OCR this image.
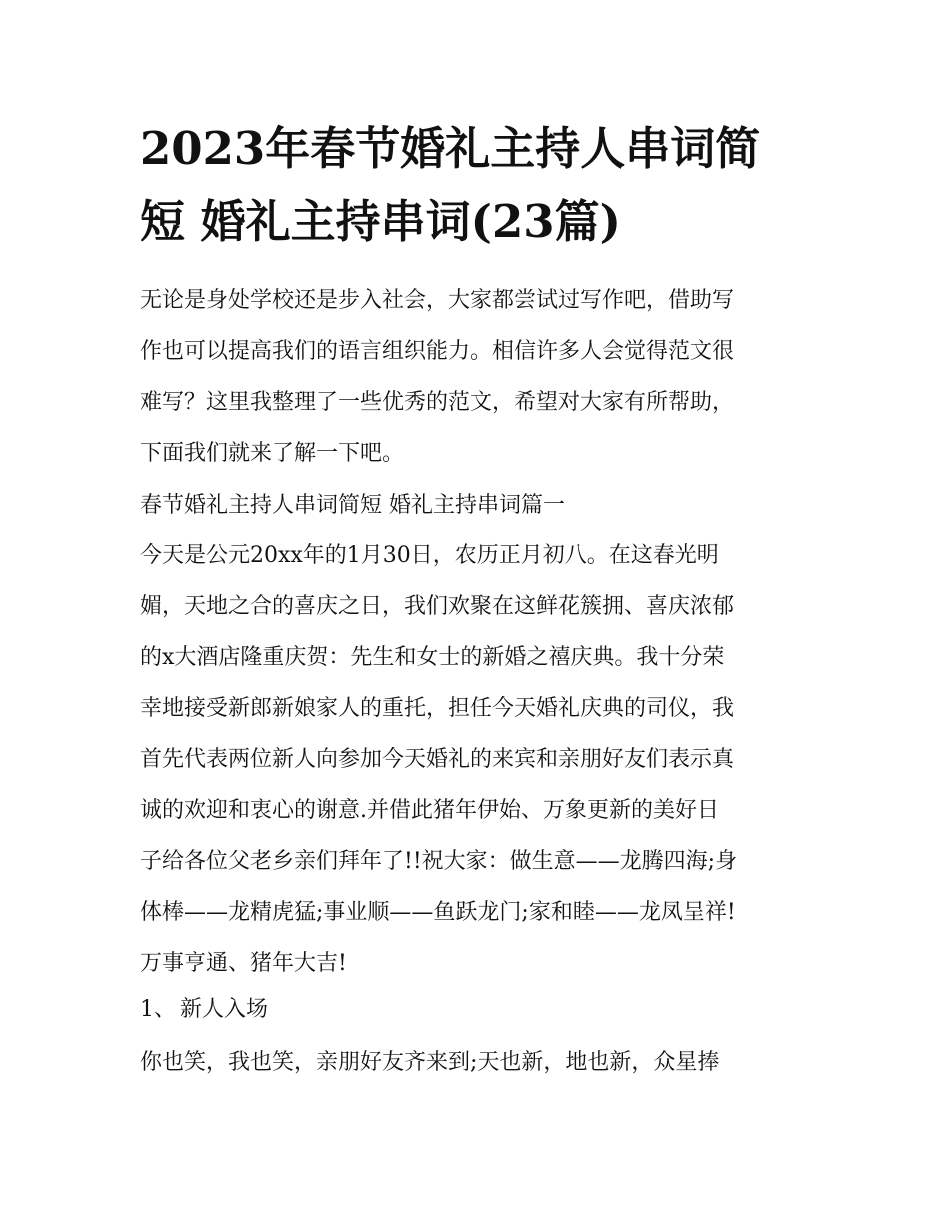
2023年春节婚礼主持人串词简
短 婚礼主持串词(23篇)
无论是身处学校还是步入社会，大家都尝试过写作吧，借助写
作也可以提高我们的语言组织能力。相信许多人会觉得范文很
难写？这里我整理了一些优秀的范文，希望对大家有所帮助，
下面我们就来了解一下吧。
春节婚礼主持人串词简短 婚礼主持串词篇一
今天是公元20xx年的1月30日，农历正月初八。在这春光明
媚，天地之合的喜庆之日，我们欢聚在这鲜花簇拥、喜庆浓郁
的x大酒店隆重庆贺：先生和女士的新婚之禧庆典。我十分荣
幸地接受新郎新娘家人的重托，担任今天婚礼庆典的司仪，我
首先代表两位新人向参加今天婚礼的来宾和亲朋好友们表示真
诚的欢迎和衷心的谢意.并借此猪年伊始、万象更新的美好日
子给各位父老乡亲们拜年了!!祝大家：做生意——龙腾四海;身
体棒——龙精虎猛;事业顺——鱼跃龙门;家和睦——龙凤呈祥!
万事亨通、猪年大吉!
1、 新人入场
你也笑，我也笑，亲朋好友齐来到;天也新，地也新，众星捧
